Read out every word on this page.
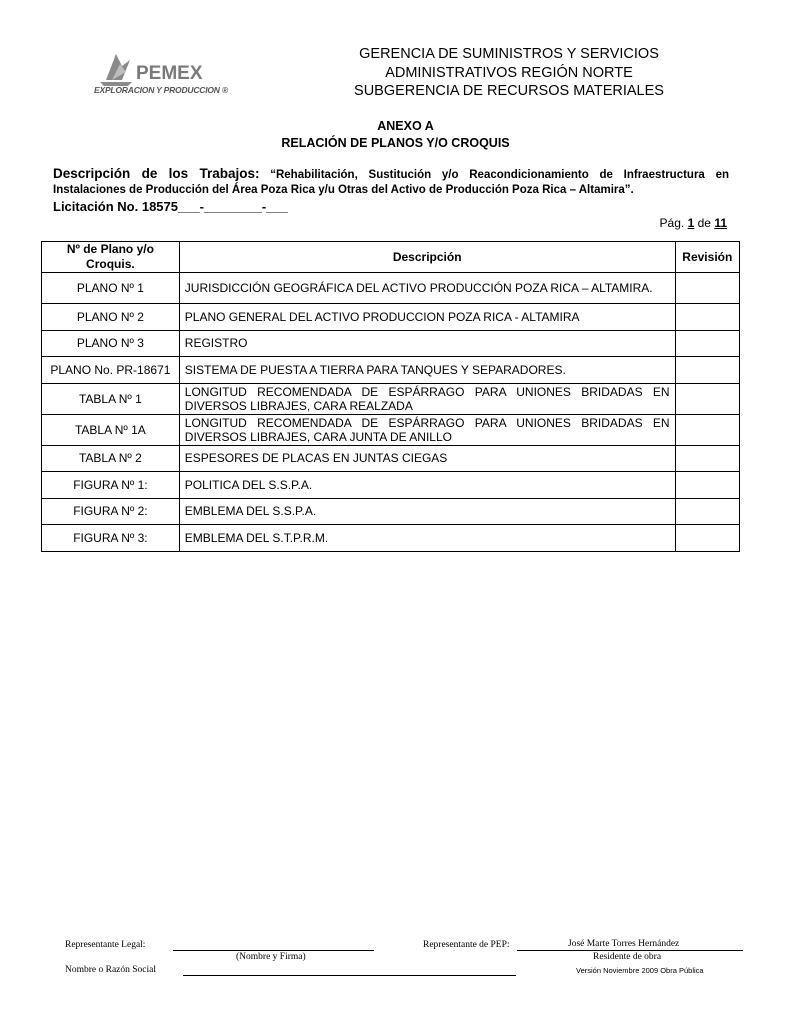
PEMEX
EXPLORACION Y PRODUCCION ®
GERENCIA DE SUMINISTROS Y SERVICIOS
ADMINISTRATIVOS REGIÓN NORTE
SUBGERENCIA DE RECURSOS MATERIALES
ANEXO A
RELACIÓN DE PLANOS Y/O CROQUIS
Descripción de los Trabajos: “Rehabilitación, Sustitución y/o Reacondicionamiento de Infraestructura en Instalaciones de Producción del Área Poza Rica y/u Otras del Activo de Producción Poza Rica – Altamira”.
Licitación No. 18575___-________-___
Pág. 1 de 11
Nº de Plano y/o Croquis.	Descripción	Revisión
PLANO Nº 1	JURISDICCIÓN GEOGRÁFICA DEL ACTIVO PRODUCCIÓN POZA RICA – ALTAMIRA.	
PLANO Nº 2	PLANO GENERAL DEL ACTIVO PRODUCCION POZA RICA - ALTAMIRA	
PLANO Nº 3	REGISTRO	
PLANO No. PR-18671	SISTEMA DE PUESTA A TIERRA PARA TANQUES Y SEPARADORES.	
TABLA Nº 1	LONGITUD RECOMENDADA DE ESPÁRRAGO PARA UNIONES BRIDADAS EN DIVERSOS LIBRAJES, CARA REALZADA	
TABLA Nº 1A	LONGITUD RECOMENDADA DE ESPÁRRAGO PARA UNIONES BRIDADAS EN DIVERSOS LIBRAJES, CARA JUNTA DE ANILLO	
TABLA Nº 2	ESPESORES DE PLACAS EN JUNTAS CIEGAS	
FIGURA Nº 1:	POLITICA DEL S.S.P.A.	
FIGURA Nº 2:	EMBLEMA DEL S.S.P.A.	
FIGURA Nº 3:	EMBLEMA DEL S.T.P.R.M.	
Representante Legal:
(Nombre y Firma)
Nombre o Razón Social
Representante de PEP:	José Marte Torres Hernández
Residente de obra
Versión Noviembre 2009 Obra Pública
